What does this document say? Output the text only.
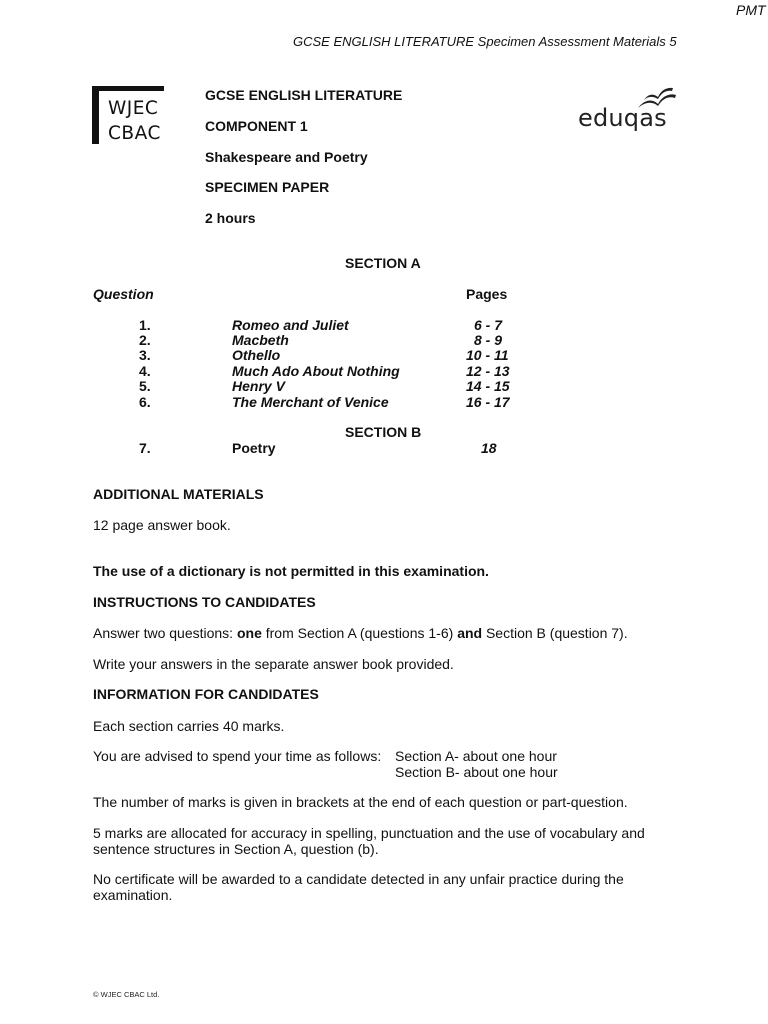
PMT
GCSE ENGLISH LITERATURE Specimen Assessment Materials 5
WJEC
CBAC
eduqas
GCSE ENGLISH LITERATURE
COMPONENT 1
Shakespeare and Poetry
SPECIMEN PAPER
2 hours
SECTION A
Question	Pages
1.	Romeo and Juliet	6 - 7
2.	Macbeth	8 - 9
3.	Othello	10 - 11
4.	Much Ado About Nothing	12 - 13
5.	Henry V	14 - 15
6.	The Merchant of Venice	16 - 17
SECTION B
7.	Poetry	18
ADDITIONAL MATERIALS
12 page answer book.
The use of a dictionary is not permitted in this examination.
INSTRUCTIONS TO CANDIDATES
Answer two questions: one from Section A (questions 1-6) and Section B (question 7).
Write your answers in the separate answer book provided.
INFORMATION FOR CANDIDATES
Each section carries 40 marks.
You are advised to spend your time as follows: Section A- about one hour
Section B- about one hour
The number of marks is given in brackets at the end of each question or part-question.
5 marks are allocated for accuracy in spelling, punctuation and the use of vocabulary and
sentence structures in Section A, question (b).
No certificate will be awarded to a candidate detected in any unfair practice during the
examination.
© WJEC CBAC Ltd.
